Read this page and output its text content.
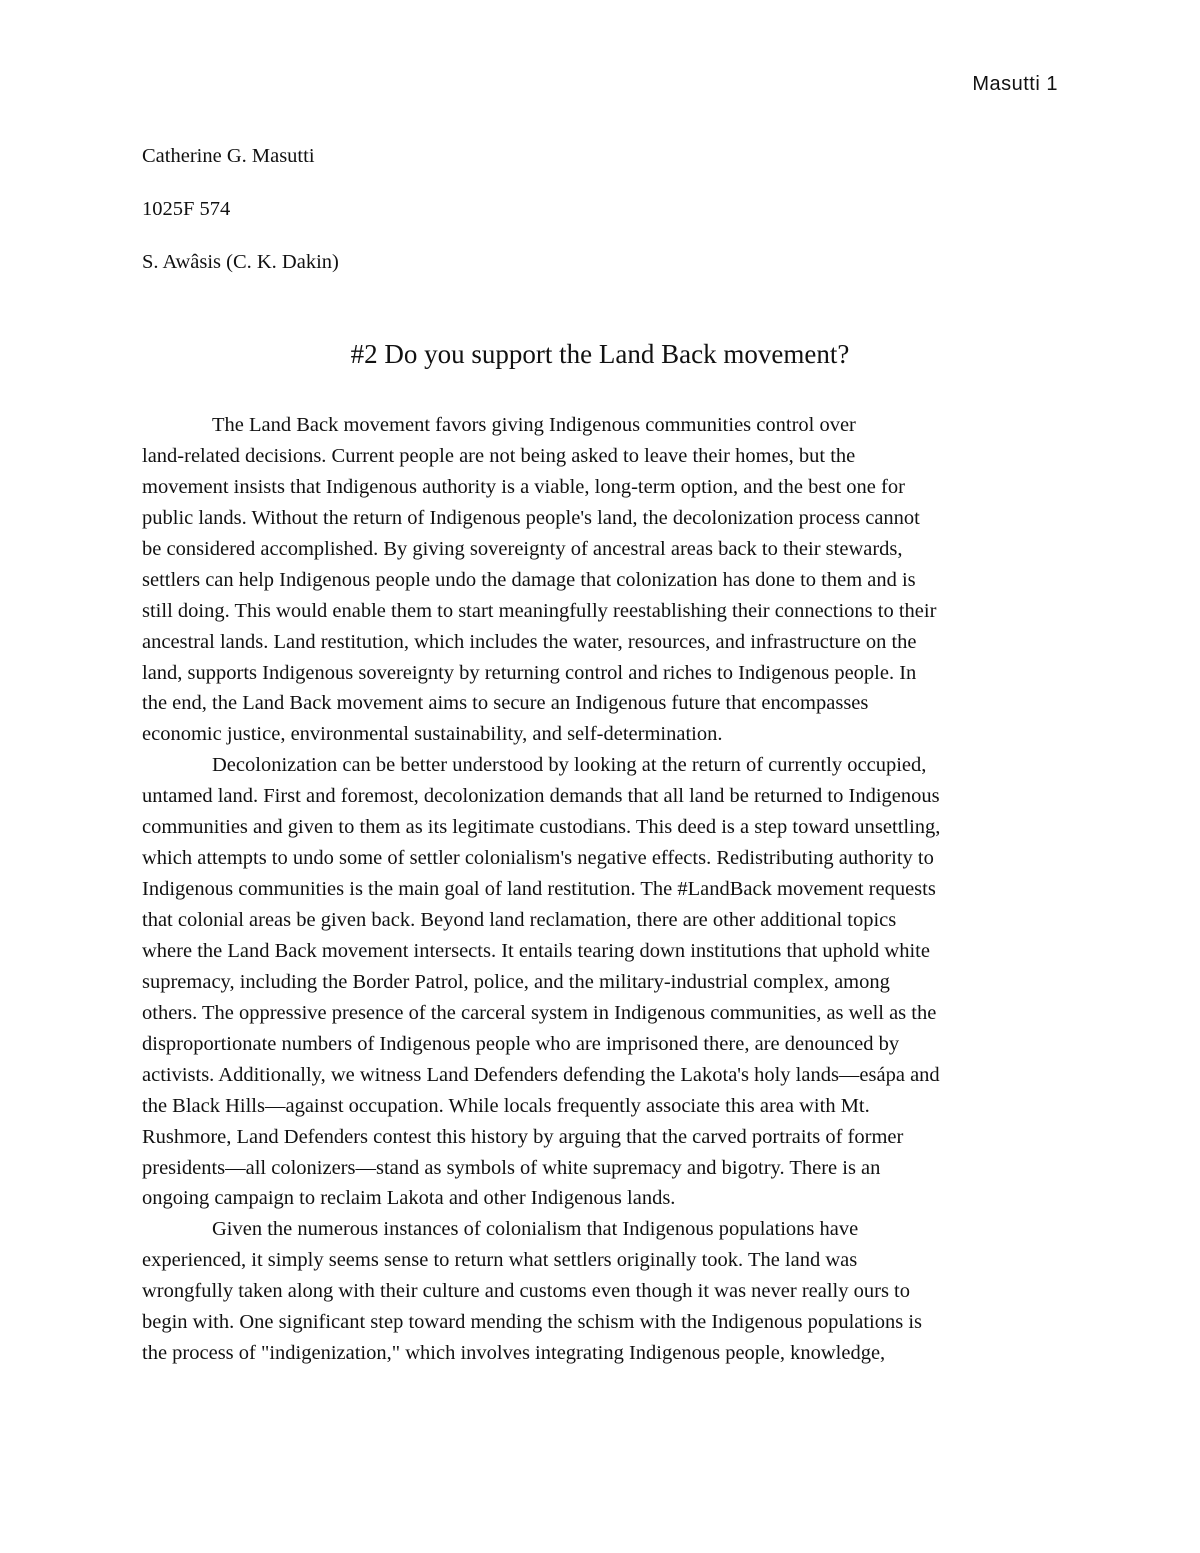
Masutti 1
Catherine G. Masutti
1025F 574
S. Awâsis (C. K. Dakin)
#2 Do you support the Land Back movement?
The Land Back movement favors giving Indigenous communities control over
land-related decisions. Current people are not being asked to leave their homes, but the
movement insists that Indigenous authority is a viable, long-term option, and the best one for
public lands. Without the return of Indigenous people's land, the decolonization process cannot
be considered accomplished. By giving sovereignty of ancestral areas back to their stewards,
settlers can help Indigenous people undo the damage that colonization has done to them and is
still doing. This would enable them to start meaningfully reestablishing their connections to their
ancestral lands. Land restitution, which includes the water, resources, and infrastructure on the
land, supports Indigenous sovereignty by returning control and riches to Indigenous people. In
the end, the Land Back movement aims to secure an Indigenous future that encompasses
economic justice, environmental sustainability, and self-determination.
Decolonization can be better understood by looking at the return of currently occupied,
untamed land. First and foremost, decolonization demands that all land be returned to Indigenous
communities and given to them as its legitimate custodians. This deed is a step toward unsettling,
which attempts to undo some of settler colonialism's negative effects. Redistributing authority to
Indigenous communities is the main goal of land restitution. The #LandBack movement requests
that colonial areas be given back. Beyond land reclamation, there are other additional topics
where the Land Back movement intersects. It entails tearing down institutions that uphold white
supremacy, including the Border Patrol, police, and the military-industrial complex, among
others. The oppressive presence of the carceral system in Indigenous communities, as well as the
disproportionate numbers of Indigenous people who are imprisoned there, are denounced by
activists. Additionally, we witness Land Defenders defending the Lakota's holy lands—esápa and
the Black Hills—against occupation. While locals frequently associate this area with Mt.
Rushmore, Land Defenders contest this history by arguing that the carved portraits of former
presidents—all colonizers—stand as symbols of white supremacy and bigotry. There is an
ongoing campaign to reclaim Lakota and other Indigenous lands.
Given the numerous instances of colonialism that Indigenous populations have
experienced, it simply seems sense to return what settlers originally took. The land was
wrongfully taken along with their culture and customs even though it was never really ours to
begin with. One significant step toward mending the schism with the Indigenous populations is
the process of "indigenization," which involves integrating Indigenous people, knowledge,
